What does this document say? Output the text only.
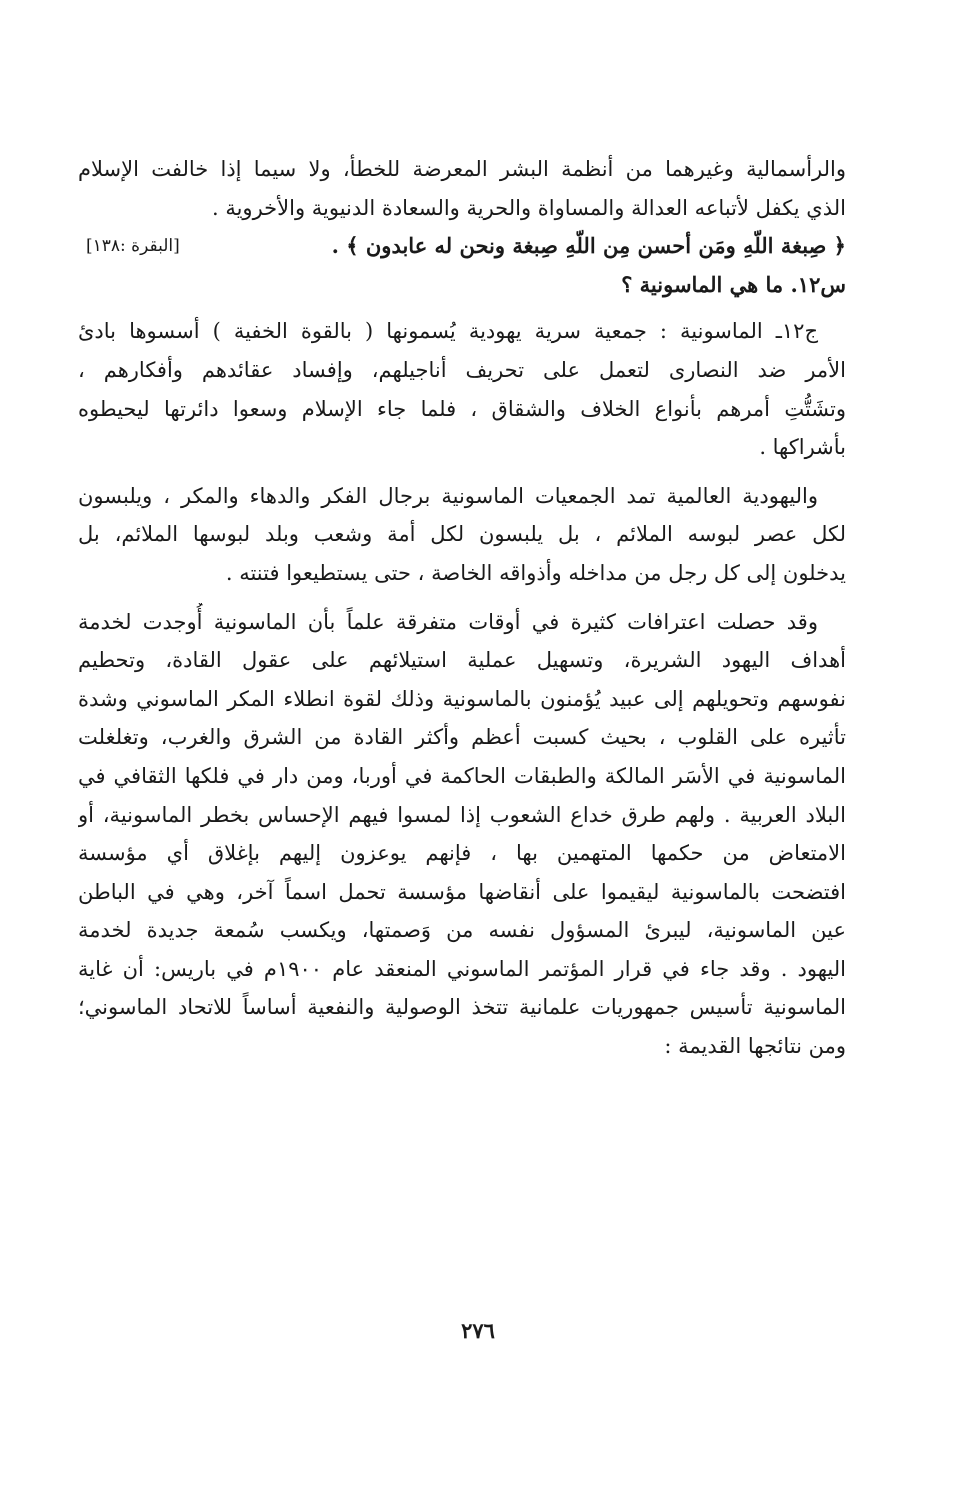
والرأسمالية وغيرهما من أنظمة البشر المعرضة للخطأ، ولا سيما إذا خالفت الإسلام
الذي يكفل لأتباعه العدالة والمساواة والحرية والسعادة الدنيوية والأخروية .
﴿ صِبغة اللّهِ ومَن أحسن مِن اللّهِ صِبغة ونحن له عابدون ﴾ .
[البقرة :١٣٨]
س١٢. ما هي الماسونية ؟
ج١٢ـ الماسونية : جمعية سرية يهودية يُسمونها ( بالقوة الخفية ) أسسوها بادئ
الأمر ضد النصارى لتعمل على تحريف أناجيلهم، وإفساد عقائدهم وأفكارهم ،
وتشَتُّتِ أمرهم بأنواع الخلاف والشقاق ، فلما جاء الإسلام وسعوا دائرتها ليحيطوه
بأشراكها .
واليهودية العالمية تمد الجمعيات الماسونية برجال الفكر والدهاء والمكر ، ويلبسون
لكل عصر لبوسه الملائم ، بل يلبسون لكل أمة وشعب وبلد لبوسها الملائم، بل
يدخلون إلى كل رجل من مداخله وأذواقه الخاصة ، حتى يستطيعوا فتنته .
وقد حصلت اعترافات كثيرة في أوقات متفرقة علماً بأن الماسونية أُوجدت لخدمة
أهداف اليهود الشريرة، وتسهيل عملية استيلائهم على عقول القادة، وتحطيم
نفوسهم وتحويلهم إلى عبيد يُؤمنون بالماسونية وذلك لقوة انطلاء المكر الماسوني وشدة
تأثيره على القلوب ، بحيث كسبت أعظم وأكثر القادة من الشرق والغرب، وتغلغلت
الماسونية في الأسَر المالكة والطبقات الحاكمة في أوربا، ومن دار في فلكها الثقافي في
البلاد العربية . ولهم طرق خداع الشعوب إذا لمسوا فيهم الإحساس بخطر الماسونية، أو
الامتعاض من حكمها المتهمين بها ، فإنهم يوعزون إليهم بإغلاق أي مؤسسة
افتضحت بالماسونية ليقيموا على أنقاضها مؤسسة تحمل اسماً آخر، وهي في الباطن
عين الماسونية، ليبرئ المسؤول نفسه من وَصمتها، ويكسب سُمعة جديدة لخدمة
اليهود . وقد جاء في قرار المؤتمر الماسوني المنعقد عام ١٩٠٠م في باريس: أن غاية
الماسونية تأسيس جمهوريات علمانية تتخذ الوصولية والنفعية أساساً للاتحاد الماسوني؛
ومن نتائجها القديمة :
٢٧٦
